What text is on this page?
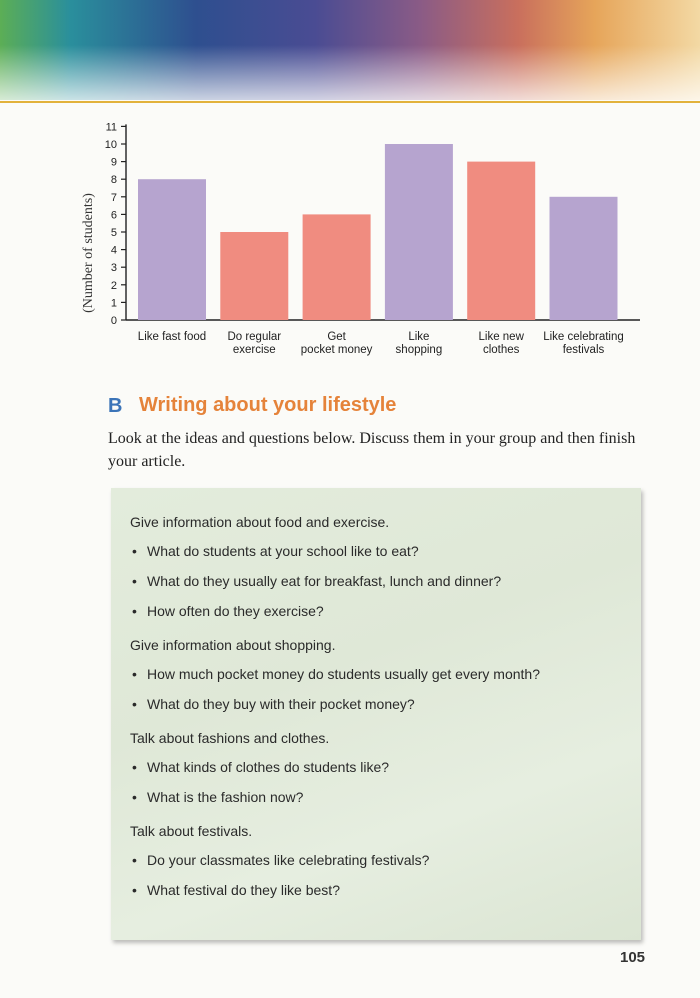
(Number of students)
0
1
2
3
4
5
6
7
8
9
10
11
Like fast food Do regular
exercise
Get
pocket money
Like
shopping
Like new
clothes
Like celebrating
festivals
B Writing about your lifestyle
Look at the ideas and questions below. Discuss them in your group and then finish your article.
Give information about food and exercise.
• What do students at your school like to eat?
• What do they usually eat for breakfast, lunch and dinner?
• How often do they exercise?
Give information about shopping.
• How much pocket money do students usually get every month?
• What do they buy with their pocket money?
Talk about fashions and clothes.
• What kinds of clothes do students like?
• What is the fashion now?
Talk about festivals.
• Do your classmates like celebrating festivals?
• What festival do they like best?
105
